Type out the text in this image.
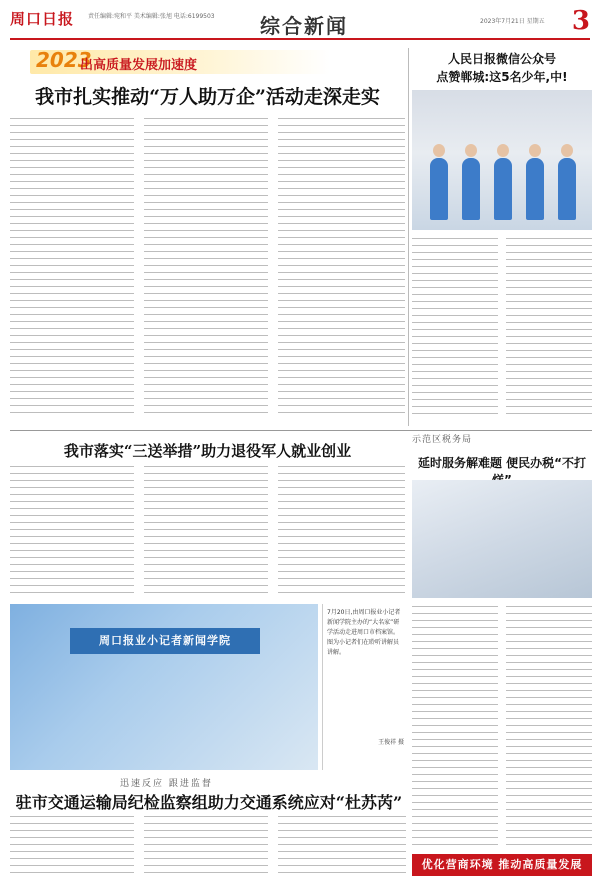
周口日报 责任编辑:宛和平 美术编辑:张旭 电话:6199503	综合新闻	2023年7月21日 星期五 3
2023
出高质量发展加速度
我市扎实推动“万人助万企”活动走深走实
人民日报微信公众号
点赞郸城:这5名少年,中!
我市落实“三送举措”助力退役军人就业创业
示范区税务局
延时服务解难题 便民办税“不打
周口报业小记者新闻学院
7月20日,由周口报业小记者新闻学院主办的“大名家”研学活动走进周口市档案馆。图为小记者们在聆听讲解员讲解。
王俊祥 摄
迅速反应 跟进监督
驻市交通运输局纪检监察组助力交通系统应对“杜苏芮”
优化营商环境 推动高质量发展
